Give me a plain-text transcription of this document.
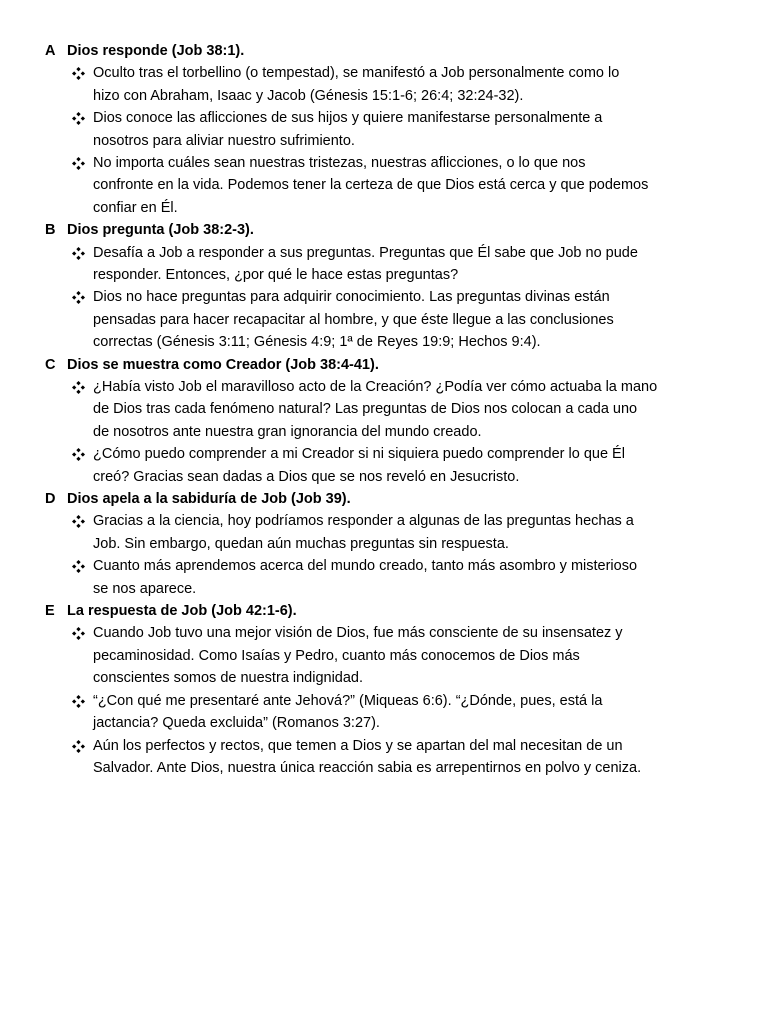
A Dios responde (Job 38:1).
Oculto tras el torbellino (o tempestad), se manifestó a Job personalmente como lo
hizo con Abraham, Isaac y Jacob (Génesis 15:1-6; 26:4; 32:24-32).
Dios conoce las aflicciones de sus hijos y quiere manifestarse personalmente a
nosotros para aliviar nuestro sufrimiento.
No importa cuáles sean nuestras tristezas, nuestras aflicciones, o lo que nos
confronte en la vida. Podemos tener la certeza de que Dios está cerca y que podemos
confiar en Él.
B Dios pregunta (Job 38:2-3).
Desafía a Job a responder a sus preguntas. Preguntas que Él sabe que Job no pude
responder. Entonces, ¿por qué le hace estas preguntas?
Dios no hace preguntas para adquirir conocimiento. Las preguntas divinas están
pensadas para hacer recapacitar al hombre, y que éste llegue a las conclusiones
correctas (Génesis 3:11; Génesis 4:9; 1ª de Reyes 19:9; Hechos 9:4).
C Dios se muestra como Creador (Job 38:4-41).
¿Había visto Job el maravilloso acto de la Creación? ¿Podía ver cómo actuaba la mano
de Dios tras cada fenómeno natural? Las preguntas de Dios nos colocan a cada uno
de nosotros ante nuestra gran ignorancia del mundo creado.
¿Cómo puedo comprender a mi Creador si ni siquiera puedo comprender lo que Él
creó? Gracias sean dadas a Dios que se nos reveló en Jesucristo.
D Dios apela a la sabiduría de Job (Job 39).
Gracias a la ciencia, hoy podríamos responder a algunas de las preguntas hechas a
Job. Sin embargo, quedan aún muchas preguntas sin respuesta.
Cuanto más aprendemos acerca del mundo creado, tanto más asombro y misterioso
se nos aparece.
E La respuesta de Job (Job 42:1-6).
Cuando Job tuvo una mejor visión de Dios, fue más consciente de su insensatez y
pecaminosidad. Como Isaías y Pedro, cuanto más conocemos de Dios más
conscientes somos de nuestra indignidad.
“¿Con qué me presentaré ante Jehová?” (Miqueas 6:6). “¿Dónde, pues, está la
jactancia? Queda excluida” (Romanos 3:27).
Aún los perfectos y rectos, que temen a Dios y se apartan del mal necesitan de un
Salvador. Ante Dios, nuestra única reacción sabia es arrepentirnos en polvo y ceniza.
